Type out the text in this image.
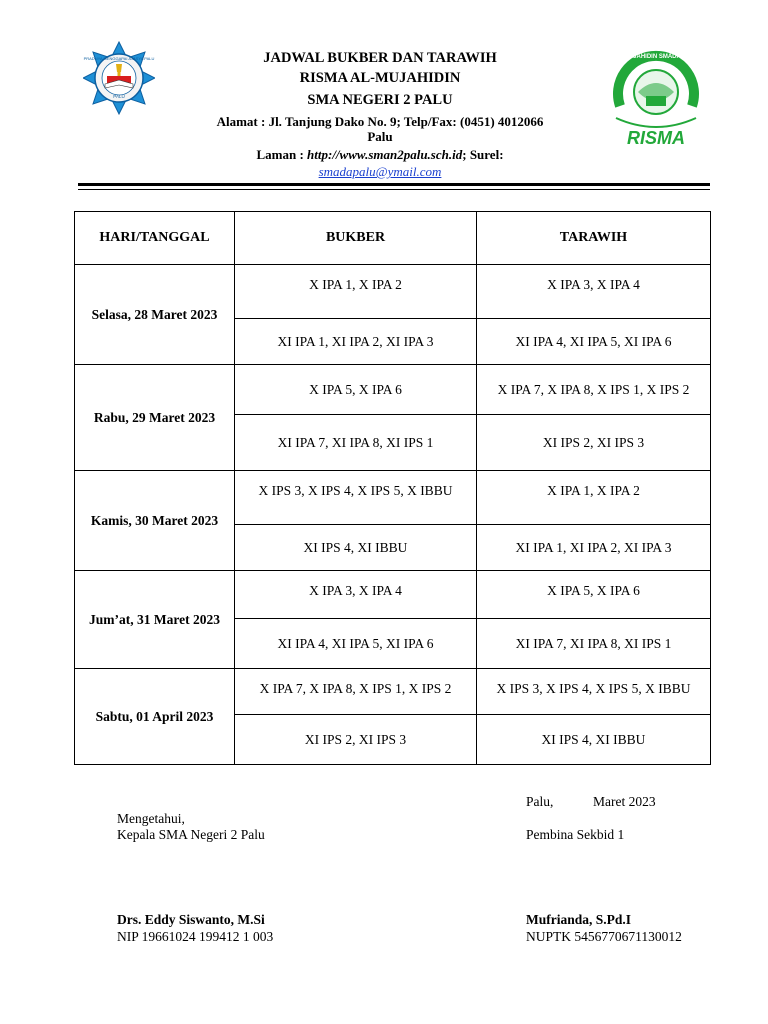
PRADNYA MENGGAPAI AJASYA PALU
PALU
JADWAL BUKBER DAN TARAWIH
RISMA AL-MUJAHIDIN
SMA NEGERI 2 PALU
Alamat : Jl. Tanjung Dako No. 9; Telp/Fax: (0451) 4012066
Palu
Laman : http://www.sman2palu.sch.id; Surel:
smadapalu@ymail.com
AL-MUJAHIDIN SMADA PALU
RISMA
HARI/TANGGAL	BUKBER	TARAWIH
Selasa, 28 Maret 2023	X IPA 1, X IPA 2	X IPA 3, X IPA 4
	XI IPA 1, XI IPA 2, XI IPA 3	XI IPA 4, XI IPA 5, XI IPA 6
Rabu, 29 Maret 2023	X IPA 5, X IPA 6	X IPA 7, X IPA 8, X IPS 1, X IPS 2
	XI IPA 7, XI IPA 8, XI IPS 1	XI IPS 2, XI IPS 3
Kamis, 30 Maret 2023	X IPS 3, X IPS 4, X IPS 5, X IBBU	X IPA 1, X IPA 2
	XI IPS 4, XI IBBU	XI IPA 1, XI IPA 2, XI IPA 3
Jum’at, 31 Maret 2023	X IPA 3, X IPA 4	X IPA 5, X IPA 6
	XI IPA 4, XI IPA 5, XI IPA 6	XI IPA 7, XI IPA 8, XI IPS 1
Sabtu, 01 April 2023	X IPA 7, X IPA 8, X IPS 1, X IPS 2	X IPS 3, X IPS 4, X IPS 5, X IBBU
	XI IPS 2, XI IPS 3	XI IPS 4, XI IBBU
Palu,	Maret 2023
Mengetahui,
Kepala SMA Negeri 2 Palu	Pembina Sekbid 1
Drs. Eddy Siswanto, M.Si	Mufrianda, S.Pd.I
NIP 19661024 199412 1 003	NUPTK 5456770671130012
